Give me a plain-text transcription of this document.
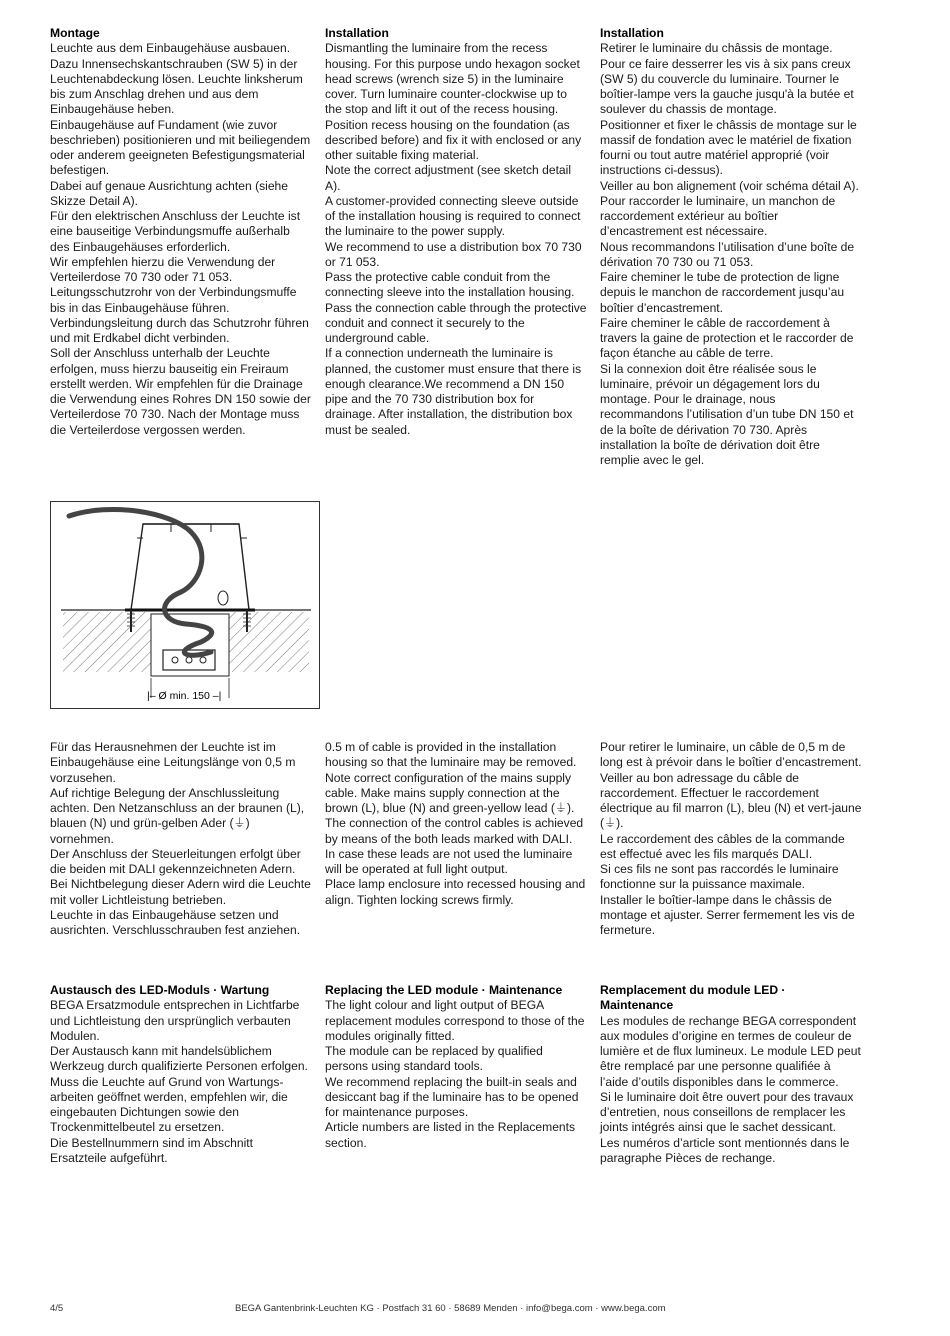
Montage

Leuchte aus dem Einbaugehäuse ausbauen.
Dazu Innensechskantschrauben (SW 5) in der Leuchtenabdeckung lösen. Leuchte linksherum bis zum Anschlag drehen und aus dem Einbaugehäuse heben.
Einbaugehäuse auf Fundament (wie zuvor beschrieben) positionieren und mit beiliegendem oder anderem geeigneten Befestigungsmaterial befestigen.
Dabei auf genaue Ausrichtung achten (siehe Skizze Detail A).
Für den elektrischen Anschluss der Leuchte ist eine bauseitige Verbindungsmuffe außerhalb des Einbaugehäuses erforderlich.
Wir empfehlen hierzu die Verwendung der Verteilerdose 70 730 oder 71 053.
Leitungsschutzrohr von der Verbindungsmuffe bis in das Einbaugehäuse führen.
Verbindungsleitung durch das Schutzrohr führen und mit Erdkabel dicht verbinden.
Soll der Anschluss unterhalb der Leuchte erfolgen, muss hierzu bauseitig ein Freiraum erstellt werden. Wir empfehlen für die Drainage die Verwendung eines Rohres DN 150 sowie der Verteilerdose 70 730. Nach der Montage muss die Verteilerdose vergossen werden.

Installation

Dismantling the luminaire from the recess housing. For this purpose undo hexagon socket head screws (wrench size 5) in the luminaire cover. Turn luminaire counter-clockwise up to the stop and lift it out of the recess housing.
Position recess housing on the foundation (as described before) and fix it with enclosed or any other suitable fixing material.
Note the correct adjustment (see sketch detail A).
A customer-provided connecting sleeve outside of the installation housing is required to connect the luminaire to the power supply.
We recommend to use a distribution box 70 730 or 71 053.
Pass the protective cable conduit from the connecting sleeve into the installation housing.
Pass the connection cable through the protective conduit and connect it securely to the underground cable.
If a connection underneath the luminaire is planned, the customer must ensure that there is enough clearance.We recommend a DN 150 pipe and the 70 730 distribution box for drainage. After installation, the distribution box must be sealed.

Installation

Retirer le luminaire du châssis de montage.
Pour ce faire desserrer les vis à six pans creux (SW 5) du couvercle du luminaire. Tourner le boîtier-lampe vers la gauche jusqu'à la butée et soulever du chassis de montage.
Positionner et fixer le châssis de montage sur le massif de fondation avec le matériel de fixation fourni ou tout autre matériel approprié (voir instructions ci-dessus).
Veiller au bon alignement (voir schéma détail A).
Pour raccorder le luminaire, un manchon de raccordement extérieur au boîtier d’encastrement est nécessaire.
Nous recommandons l’utilisation d’une boîte de dérivation 70 730 ou 71 053.
Faire cheminer le tube de protection de ligne depuis le manchon de raccordement jusqu’au boîtier d’encastrement.
Faire cheminer le câble de raccordement à travers la gaine de protection et le raccorder de façon étanche au câble de terre.
Si la connexion doit être réalisée sous le luminaire, prévoir un dégagement lors du montage. Pour le drainage, nous recommandons l’utilisation d’un tube DN 150 et de la boîte de dérivation 70 730. Après installation la boîte de dérivation doit être remplie avec le gel.

|– Ø min. 150 –|

Für das Herausnehmen der Leuchte ist im Einbaugehäuse eine Leitungslänge von 0,5 m vorzusehen.
Auf richtige Belegung der Anschlussleitung achten. Den Netzanschluss an der braunen (L), blauen (N) und grün-gelben Ader (⏚) vornehmen.
Der Anschluss der Steuerleitungen erfolgt über die beiden mit DALI gekennzeichneten Adern. Bei Nichtbelegung dieser Adern wird die Leuchte mit voller Lichtleistung betrieben.
Leuchte in das Einbaugehäuse setzen und ausrichten. Verschlusschrauben fest anziehen.

0.5 m of cable is provided in the installation housing so that the luminaire may be removed. Note correct configuration of the mains supply cable. Make mains supply connection at the brown (L), blue (N) and green-yellow lead (⏚). The connection of the control cables is achieved by means of the both leads marked with DALI.
In case these leads are not used the luminaire will be operated at full light output.
Place lamp enclosure into recessed housing and align. Tighten locking screws firmly.

Pour retirer le luminaire, un câble de 0,5 m de long est à prévoir dans le boîtier d’encastrement.
Veiller au bon adressage du câble de raccordement. Effectuer le raccordement électrique au fil marron (L), bleu (N) et vert-jaune (⏚).
Le raccordement des câbles de la commande est effectué avec les fils marqués DALI.
Si ces fils ne sont pas raccordés le luminaire fonctionne sur la puissance maximale.
Installer le boîtier-lampe dans le châssis de montage et ajuster. Serrer fermement les vis de fermeture.

Austausch des LED-Moduls · Wartung

BEGA Ersatzmodule entsprechen in Lichtfarbe und Lichtleistung den ursprünglich verbauten Modulen.
Der Austausch kann mit handelsüblichem Werkzeug durch qualifizierte Personen erfolgen.
Muss die Leuchte auf Grund von Wartungs-arbeiten geöffnet werden, empfehlen wir, die eingebauten Dichtungen sowie den Trockenmittelbeutel zu ersetzen.
Die Bestellnummern sind im Abschnitt Ersatzteile aufgeführt.

Replacing the LED module · Maintenance

The light colour and light output of BEGA replacement modules correspond to those of the modules originally fitted.
The module can be replaced by qualified persons using standard tools.
We recommend replacing the built-in seals and desiccant bag if the luminaire has to be opened for maintenance purposes.
Article numbers are listed in the Replacements section.

Remplacement du module LED · Maintenance

Les modules de rechange BEGA correspondent aux modules d’origine en termes de couleur de lumière et de flux lumineux. Le module LED peut être remplacé par une personne qualifiée à l’aide d’outils disponibles dans le commerce.
Si le luminaire doit être ouvert pour des travaux d’entretien, nous conseillons de remplacer les joints intégrés ainsi que le sachet dessicant.
Les numéros d’article sont mentionnés dans le paragraphe Pièces de rechange.

4/5	BEGA Gantenbrink-Leuchten KG · Postfach 31 60 · 58689 Menden · info@bega.com · www.bega.com
